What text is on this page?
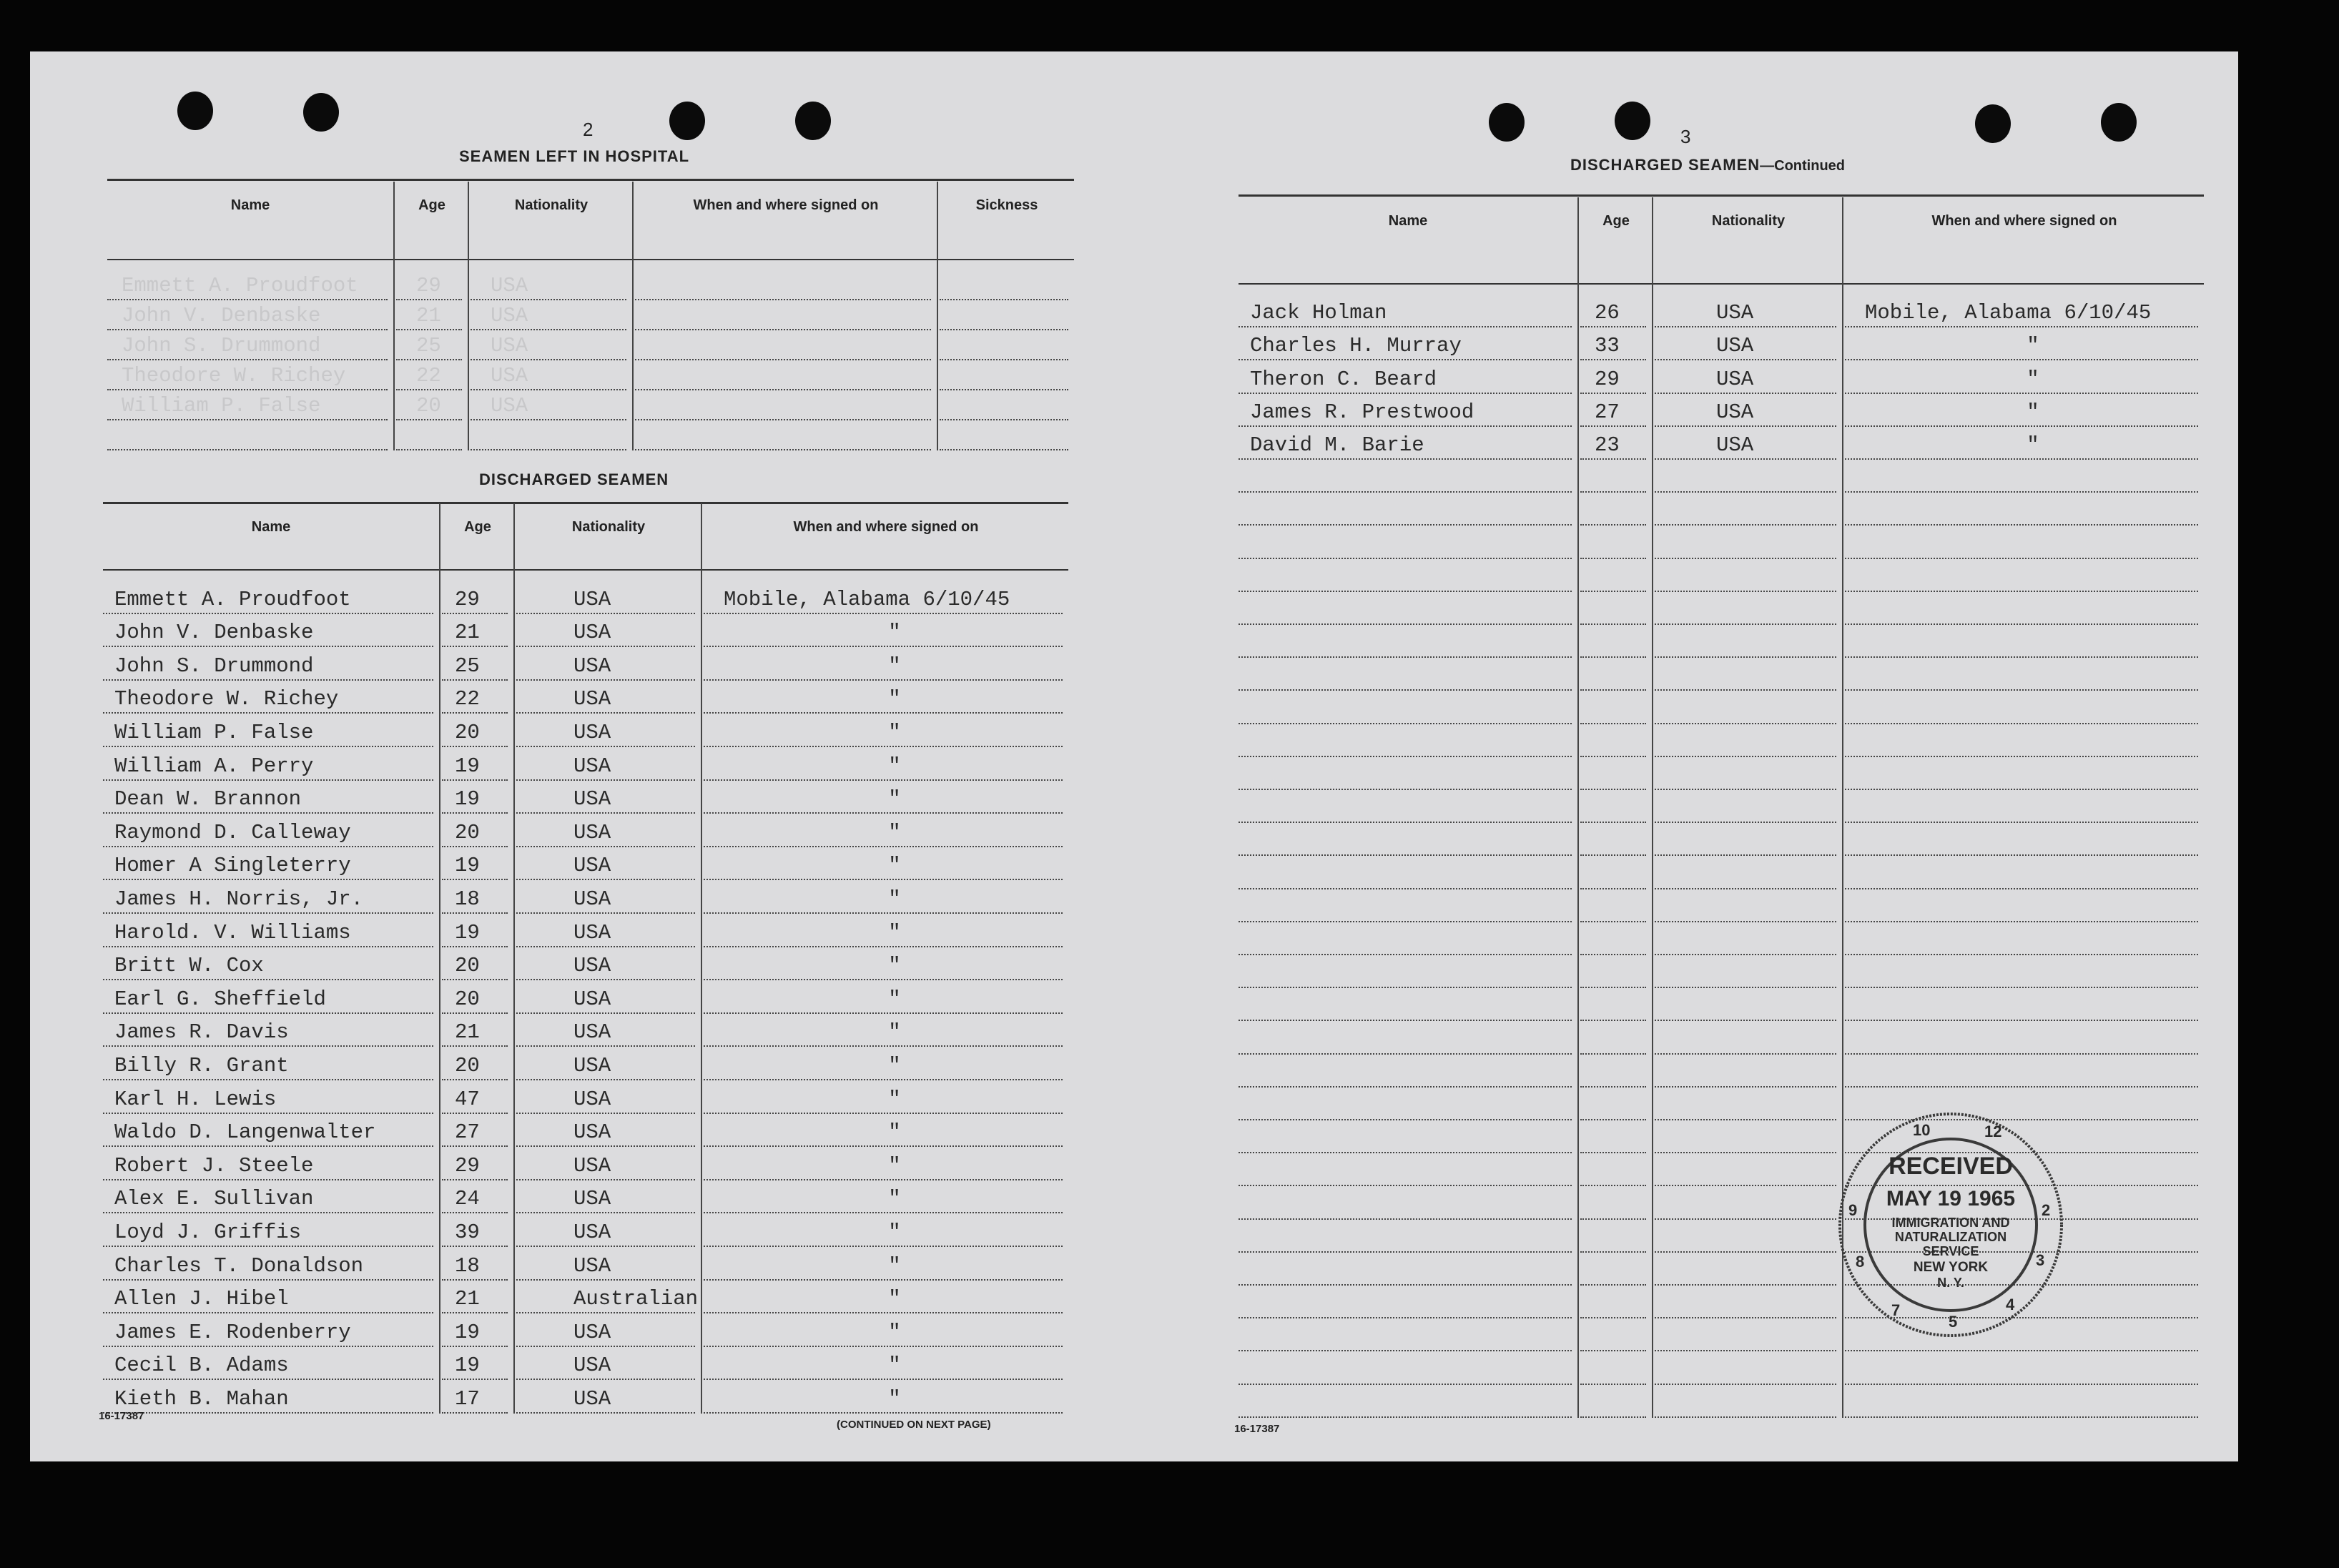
2
SEAMEN LEFT IN HOSPITAL
Name	Age	Nationality	When and where signed on	Sickness
Emmett A. Proudfoot	29	USA
John V. Denbaske	21	USA
John S. Drummond	25	USA
Theodore W. Richey	22	USA
William P. False	20	USA
DISCHARGED SEAMEN
Name	Age	Nationality	When and where signed on
Emmett A. Proudfoot	29	USA	Mobile, Alabama 6/10/45
John V. Denbaske	21	USA	"
John S. Drummond	25	USA	"
Theodore W. Richey	22	USA	"
William P. False	20	USA	"
William A. Perry	19	USA	"
Dean W. Brannon	19	USA	"
Raymond D. Calleway	20	USA	"
Homer A Singleterry	19	USA	"
James H. Norris, Jr.	18	USA	"
Harold. V. Williams	19	USA	"
Britt W. Cox	20	USA	"
Earl G. Sheffield	20	USA	"
James R. Davis	21	USA	"
Billy R. Grant	20	USA	"
Karl H. Lewis	47	USA	"
Waldo D. Langenwalter	27	USA	"
Robert J. Steele	29	USA	"
Alex E. Sullivan	24	USA	"
Loyd J. Griffis	39	USA	"
Charles T. Donaldson	18	USA	"
Allen J. Hibel	21	Australian	"
James E. Rodenberry	19	USA	"
Cecil B. Adams	19	USA	"
Kieth B. Mahan	17	USA	"
16-17387
(CONTINUED ON NEXT PAGE)
3
DISCHARGED SEAMEN—Continued
Name	Age	Nationality	When and where signed on
Jack Holman	26	USA	Mobile, Alabama 6/10/45
Charles H. Murray	33	USA	"
Theron C. Beard	29	USA	"
James R. Prestwood	27	USA	"
David M. Barie	23	USA	"
16-17387
RECEIVED
MAY 19 1965
IMMIGRATION AND
NATURALIZATION
SERVICE
NEW YORK
N. Y.
10	12
2
3
4
5
7
8
9
